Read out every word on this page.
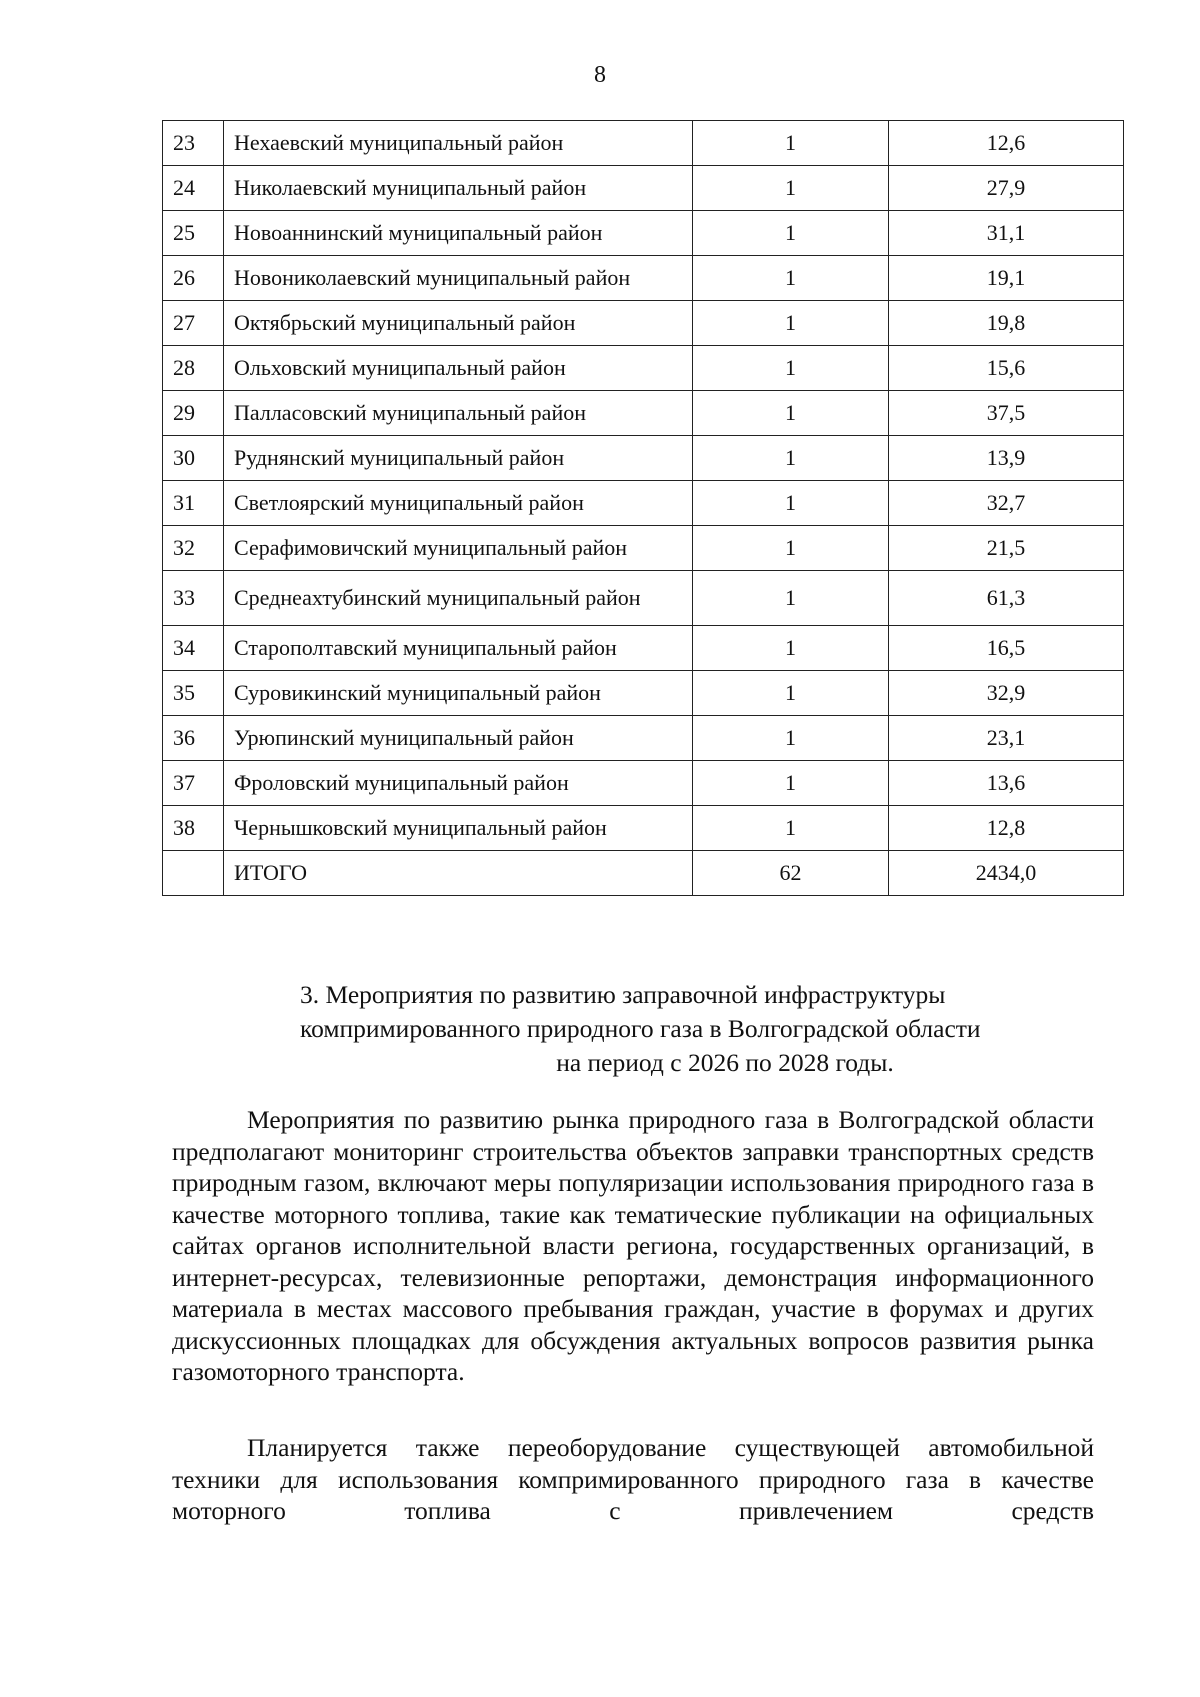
8
23	Нехаевский муниципальный район	1	12,6
24	Николаевский муниципальный район	1	27,9
25	Новоаннинский муниципальный район	1	31,1
26	Новониколаевский муниципальный район	1	19,1
27	Октябрьский муниципальный район	1	19,8
28	Ольховский муниципальный район	1	15,6
29	Палласовский муниципальный район	1	37,5
30	Руднянский муниципальный район	1	13,9
31	Светлоярский муниципальный район	1	32,7
32	Серафимовичский муниципальный район	1	21,5
33	Среднеахтубинский муниципальный район	1	61,3
34	Старополтавский муниципальный район	1	16,5
35	Суровикинский муниципальный район	1	32,9
36	Урюпинский муниципальный район	1	23,1
37	Фроловский муниципальный район	1	13,6
38	Чернышковский муниципальный район	1	12,8
	ИТОГО	62	2434,0
3. Мероприятия по развитию заправочной инфраструктуры
компримированного природного газа в Волгоградской области
на период с 2026 по 2028 годы.

Мероприятия по развитию рынка природного газа в Волгоградской области предполагают мониторинг строительства объектов заправки транспортных средств природным газом, включают меры популяризации использования природного газа в качестве моторного топлива, такие как тематические публикации на официальных сайтах органов исполнительной власти региона, государственных организаций, в интернет-ресурсах, телевизионные репортажи, демонстрация информационного материала в местах массового пребывания граждан, участие в форумах и других дискуссионных площадках для обсуждения актуальных вопросов развития рынка газомоторного транспорта.

Планируется также переоборудование существующей автомобильной техники для использования компримированного природного газа в качестве моторного топлива с привлечением средств
